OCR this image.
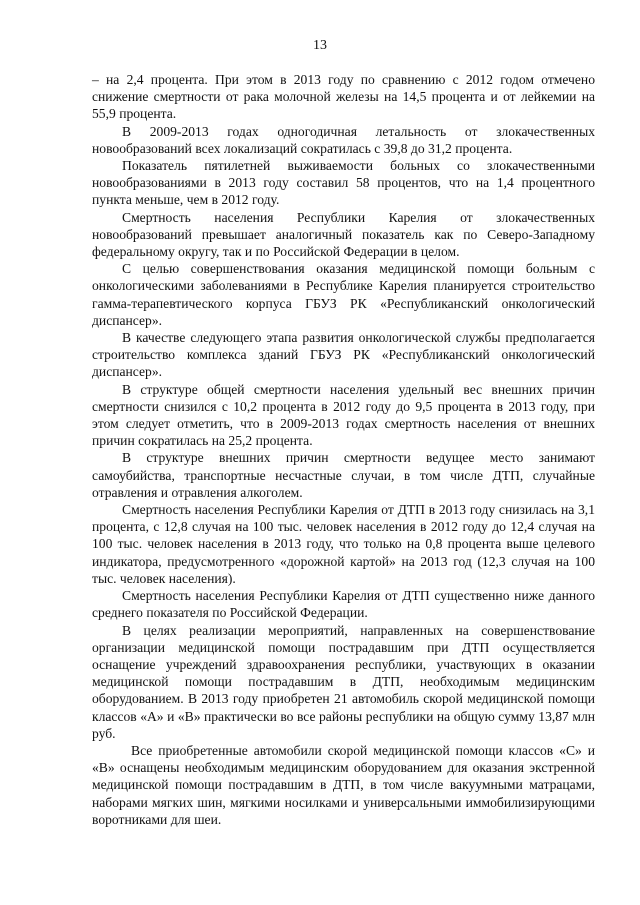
13

– на 2,4 процента. При этом в 2013 году по сравнению с 2012 годом отмечено снижение смертности от рака молочной железы на 14,5 процента и от лейкемии на 55,9 процента.

В 2009-2013 годах одногодичная летальность от злокачественных новообразований всех локализаций сократилась с 39,8 до 31,2 процента.

Показатель пятилетней выживаемости больных со злокачественными новообразованиями в 2013 году составил 58 процентов, что на 1,4 процентного пункта меньше, чем в 2012 году.

Смертность населения Республики Карелия от злокачественных новообразований превышает аналогичный показатель как по Северо-Западному федеральному округу, так и по Российской Федерации в целом.

С целью совершенствования оказания медицинской помощи больным с онкологическими заболеваниями в Республике Карелия планируется строительство гамма-терапевтического корпуса ГБУЗ РК «Республиканский онкологический диспансер».

В качестве следующего этапа развития онкологической службы предполагается строительство комплекса зданий ГБУЗ РК «Республиканский онкологический диспансер».

В структуре общей смертности населения удельный вес внешних причин смертности снизился с 10,2 процента в 2012 году до 9,5 процента в 2013 году, при этом следует отметить, что в 2009-2013 годах смертность населения от внешних причин сократилась на 25,2 процента.

В структуре внешних причин смертности ведущее место занимают самоубийства, транспортные несчастные случаи, в том числе ДТП, случайные отравления и отравления алкоголем.

Смертность населения Республики Карелия от ДТП в 2013 году снизилась на 3,1 процента, с 12,8 случая на 100 тыс. человек населения в 2012 году до 12,4 случая на 100 тыс. человек населения в 2013 году, что только на 0,8 процента выше целевого индикатора, предусмотренного «дорожной картой» на 2013 год (12,3 случая на 100 тыс. человек населения).

Смертность населения Республики Карелия от ДТП существенно ниже данного среднего показателя по Российской Федерации.

В целях реализации мероприятий, направленных на совершенствование организации медицинской помощи пострадавшим при ДТП осуществляется оснащение учреждений здравоохранения республики, участвующих в оказании медицинской помощи пострадавшим в ДТП, необходимым медицинским оборудованием. В 2013 году приобретен 21 автомобиль скорой медицинской помощи классов «А» и «В» практически во все районы республики на общую сумму 13,87 млн руб.

Все приобретенные автомобили скорой медицинской помощи классов «С» и «В» оснащены необходимым медицинским оборудованием для оказания экстренной медицинской помощи пострадавшим в ДТП, в том числе вакуумными матрацами, наборами мягких шин, мягкими носилками и универсальными иммобилизирующими воротниками для шеи.
